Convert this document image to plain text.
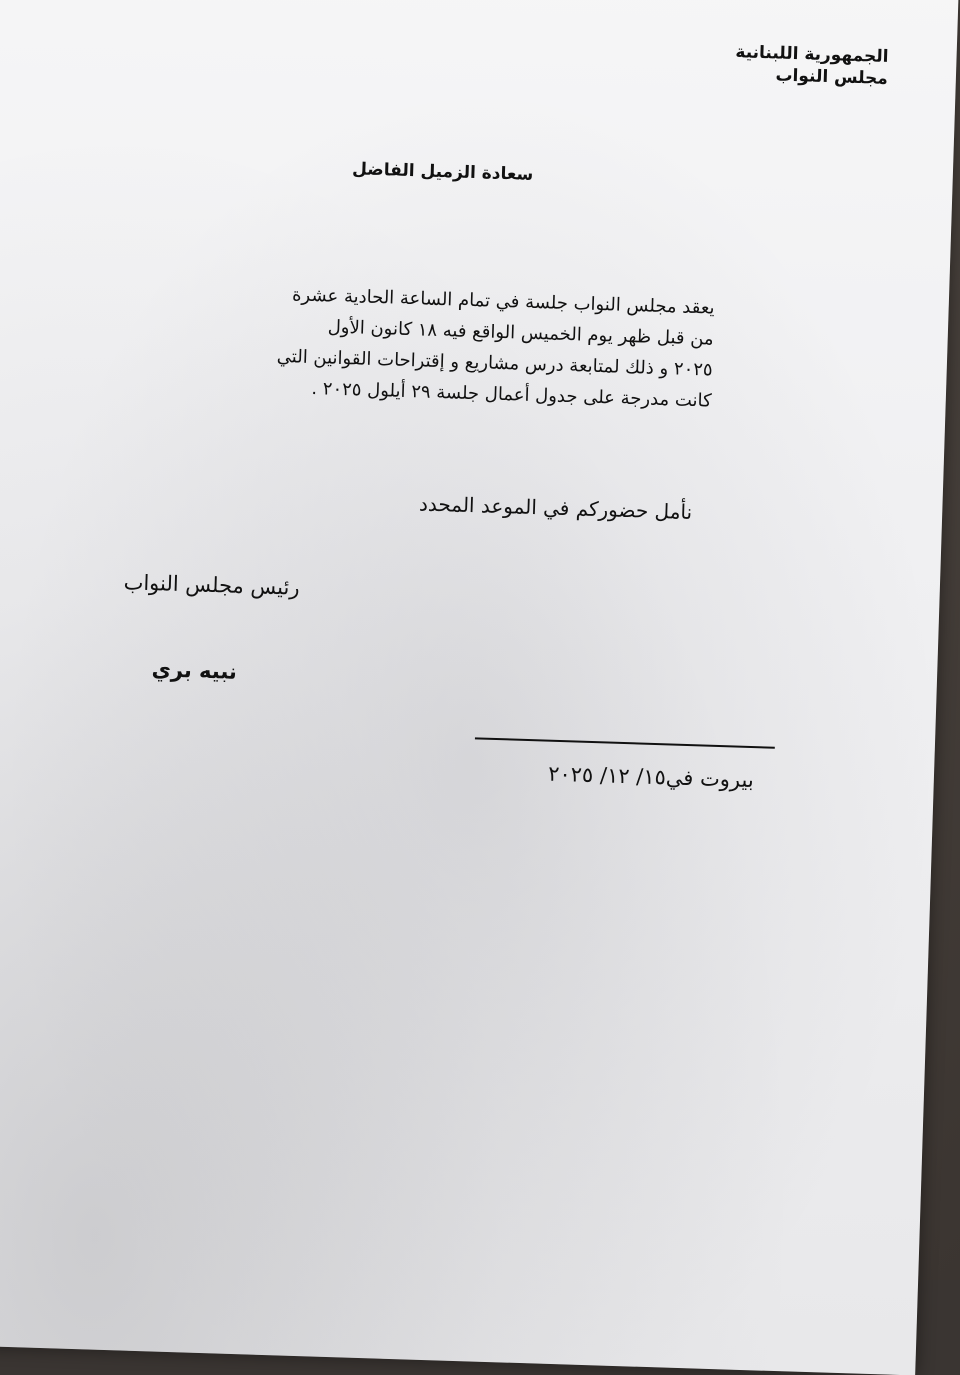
الجمهورية اللبنانية
مجلس النواب
سعادة الزميل الفاضل

يعقد مجلس النواب جلسة في تمام الساعة الحادية عشرة

من قبل ظهر يوم الخميس الواقع فيه ١٨ كانون الأول

٢٠٢٥ و ذلك لمتابعة درس مشاريع و إقتراحات القوانين التي

كانت مدرجة على جدول أعمال جلسة ٢٩ أيلول ٢٠٢٥ .

نأمل حضوركم في الموعد المحدد
رئيس مجلس النواب
نبيه بري
بيروت في١٥/ ١٢/ ٢٠٢٥
